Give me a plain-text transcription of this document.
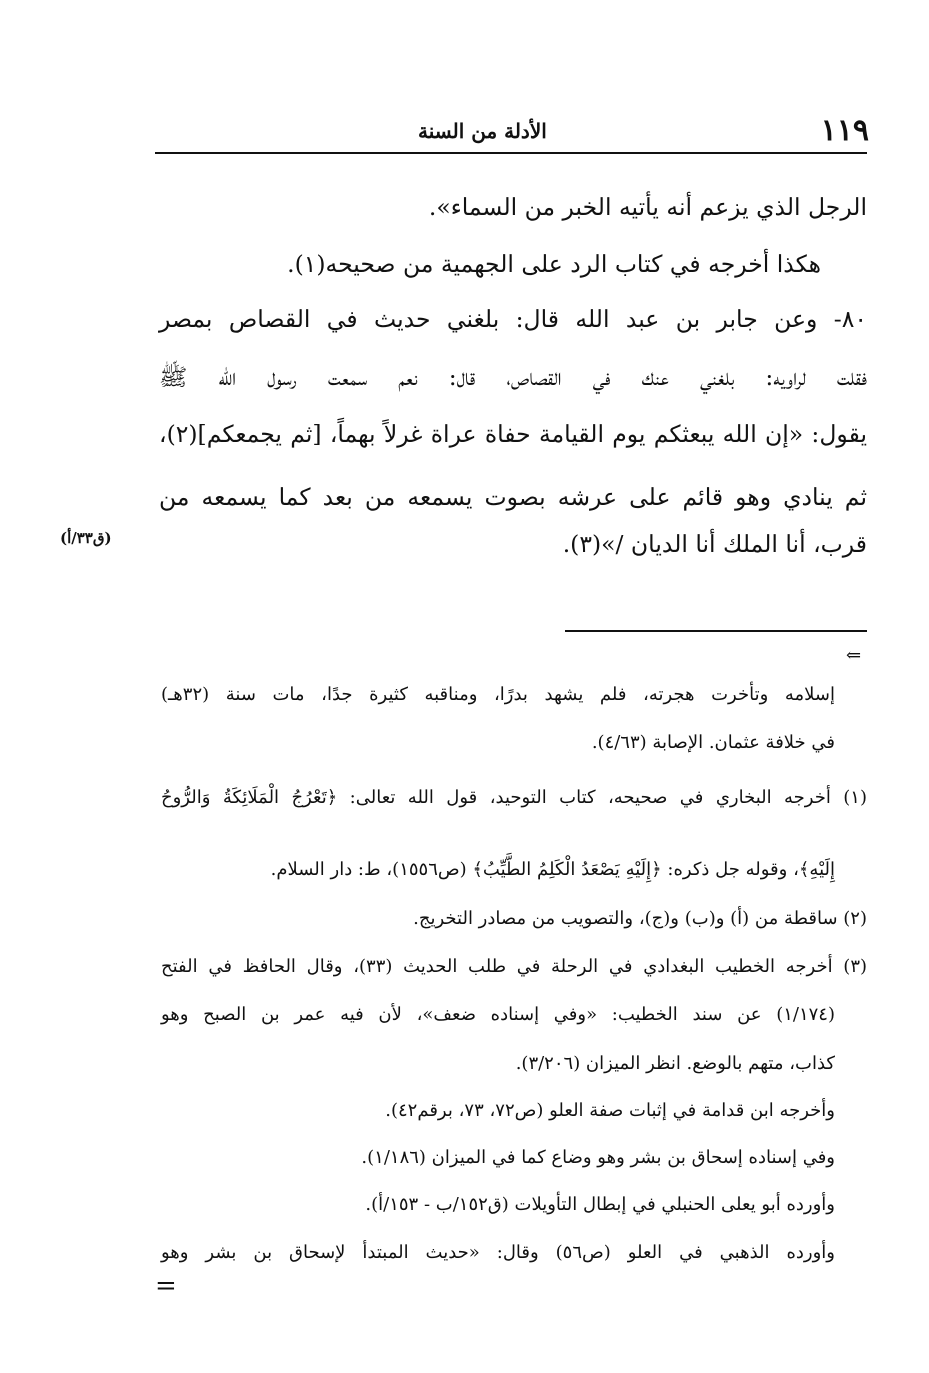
١١٩
الأدلة من السنة
الرجل الذي يزعم أنه يأتيه الخبر من السماء».
هكذا أخرجه في كتاب الرد على الجهمية من صحيحه(١).
٨٠- وعن جابر بن عبد الله قال: بلغني حديث في القصاص بمصر
فقلت لراويه: بلغني عنك في القصاص، قال: نعم سمعت رسول الله ﷺ
يقول: «إن الله يبعثكم يوم القيامة حفاة عراة غرلاً بهماً، [ثم يجمعكم](٢)،
ثم ينادي وهو قائم على عرشه بصوت يسمعه من بعد كما يسمعه من
قرب، أنا الملك أنا الديان /»(٣).
(ق٣٣/أ)
⇐
إسلامه وتأخرت هجرته، فلم يشهد بدرًا، ومناقبه كثيرة جدًا، مات سنة (٣٢هـ)
في خلافة عثمان. الإصابة (٤/٦٣).
(١) أخرجه البخاري في صحيحه، كتاب التوحيد، قول الله تعالى: ﴿تَعْرُجُ الْمَلَائِكَةُ وَالرُّوحُ
إِلَيْهِ﴾، وقوله جل ذكره: ﴿إِلَيْهِ يَصْعَدُ الْكَلِمُ الطَّيِّبُ﴾ (ص١٥٥٦)، ط: دار السلام.
(٢) ساقطة من (أ) و(ب) و(ج)، والتصويب من مصادر التخريج.
(٣) أخرجه الخطيب البغدادي في الرحلة في طلب الحديث (٣٣)، وقال الحافظ في الفتح
(١/١٧٤) عن سند الخطيب: «وفي إسناده ضعف»، لأن فيه عمر بن الصبح وهو
كذاب، متهم بالوضع. انظر الميزان (٣/٢٠٦).
وأخرجه ابن قدامة في إثبات صفة العلو (ص٧٢، ٧٣، برقم٤٢).
وفي إسناده إسحاق بن بشر وهو وضاع كما في الميزان (١/١٨٦).
وأورده أبو يعلى الحنبلي في إبطال التأويلات (ق١٥٢/ب - ١٥٣/أ).
وأورده الذهبي في العلو (ص٥٦) وقال: «حديث المبتدأ لإسحاق بن بشر وهو
=
